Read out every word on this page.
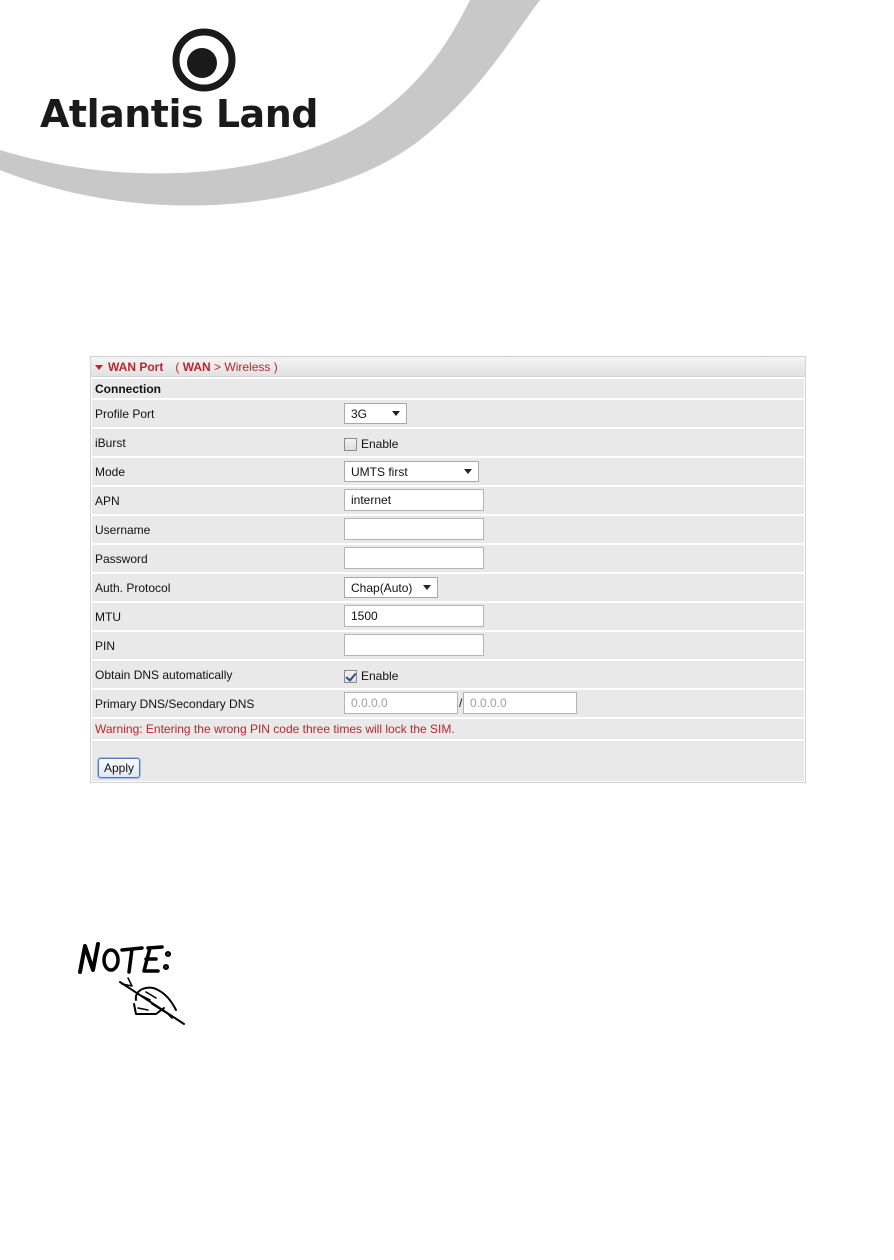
Atlantis Land
WAN Port ( WAN > Wireless )
Connection
Profile Port	3G
iBurst	Enable
Mode	UMTS first
APN	internet
Username
Password
Auth. Protocol	Chap(Auto)
MTU	1500
PIN
Obtain DNS automatically	Enable
Primary DNS/Secondary DNS	0.0.0.0	/ 0.0.0.0
Warning: Entering the wrong PIN code three times will lock the SIM.
Apply
